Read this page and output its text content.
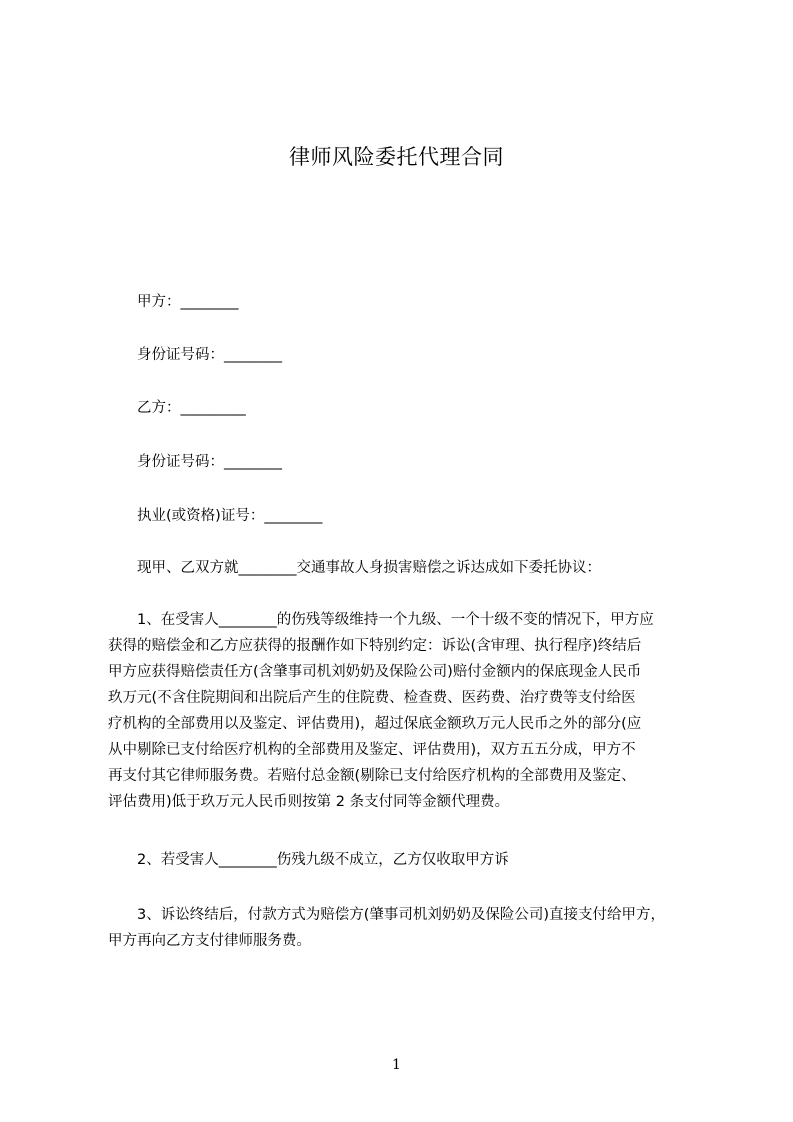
律师风险委托代理合同
甲方：________
身份证号码：________
乙方：_________
身份证号码：________
执业(或资格)证号：________
现甲、乙双方就________交通事故人身损害赔偿之诉达成如下委托协议：
1、在受害人________的伤残等级维持一个九级、一个十级不变的情况下，甲方应
获得的赔偿金和乙方应获得的报酬作如下特别约定：诉讼(含审理、执行程序)终结后
甲方应获得赔偿责任方(含肇事司机刘奶奶及保险公司)赔付金额内的保底现金人民币
玖万元(不含住院期间和出院后产生的住院费、检查费、医药费、治疗费等支付给医
疗机构的全部费用以及鉴定、评估费用)，超过保底金额玖万元人民币之外的部分(应
从中剔除已支付给医疗机构的全部费用及鉴定、评估费用)，双方五五分成，甲方不
再支付其它律师服务费。若赔付总金额(剔除已支付给医疗机构的全部费用及鉴定、
评估费用)低于玖万元人民币则按第 2 条支付同等金额代理费。
2、若受害人________伤残九级不成立，乙方仅收取甲方诉
3、诉讼终结后，付款方式为赔偿方(肇事司机刘奶奶及保险公司)直接支付给甲方，
甲方再向乙方支付律师服务费。
1
